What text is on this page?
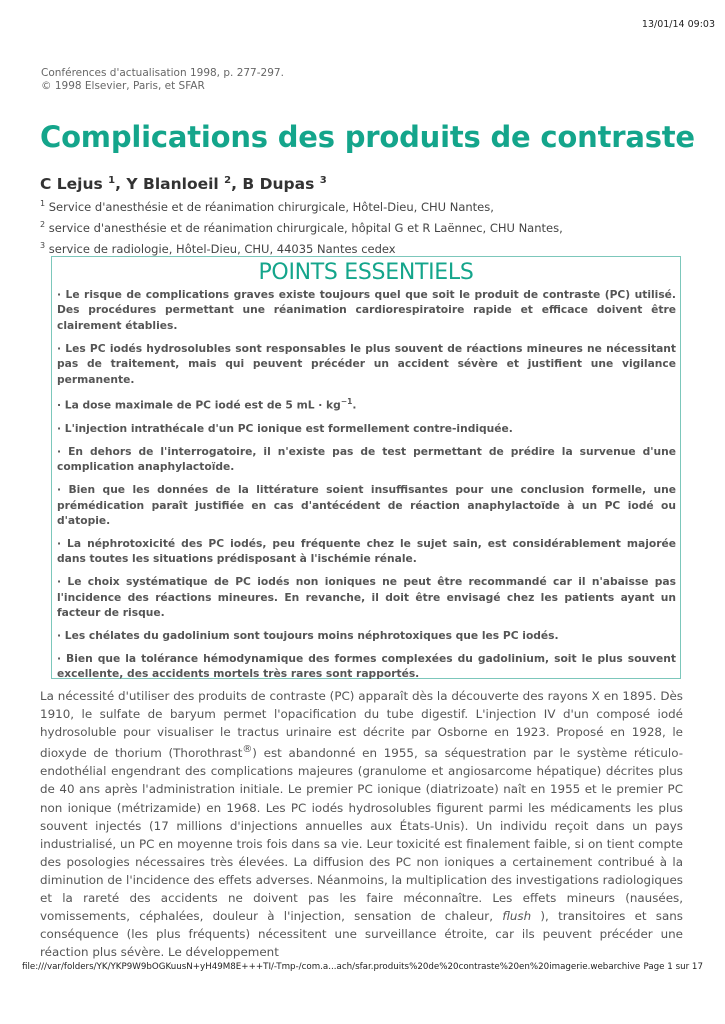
13/01/14 09:03
Conférences d'actualisation 1998, p. 277-297.
© 1998 Elsevier, Paris, et SFAR
Complications des produits de contraste
C Lejus $^1$, Y Blanloeil $^2$, B Dupas $^3$
$^1$ Service d'anesthésie et de réanimation chirurgicale, Hôtel-Dieu, CHU Nantes,
$^2$ service d'anesthésie et de réanimation chirurgicale, hôpital G et R Laënnec, CHU Nantes,
$^3$ service de radiologie, Hôtel-Dieu, CHU, 44035 Nantes cedex
POINTS ESSENTIELS
· Le risque de complications graves existe toujours quel que soit le produit de contraste (PC) utilisé. Des procédures permettant une réanimation cardiorespiratoire rapide et efficace doivent être clairement établies.
· Les PC iodés hydrosolubles sont responsables le plus souvent de réactions mineures ne nécessitant pas de traitement, mais qui peuvent précéder un accident sévère et justifient une vigilance permanente.
· La dose maximale de PC iodé est de 5 mL · $kg^{-1}$.
· L'injection intrathécale d'un PC ionique est formellement contre-indiquée.
· En dehors de l'interrogatoire, il n'existe pas de test permettant de prédire la survenue d'une complication anaphylactoïde.
· Bien que les données de la littérature soient insuffisantes pour une conclusion formelle, une prémédication paraît justifiée en cas d'antécédent de réaction anaphylactoïde à un PC iodé ou d'atopie.
· La néphrotoxicité des PC iodés, peu fréquente chez le sujet sain, est considérablement majorée dans toutes les situations prédisposant à l'ischémie rénale.
· Le choix systématique de PC iodés non ioniques ne peut être recommandé car il n'abaisse pas l'incidence des réactions mineures. En revanche, il doit être envisagé chez les patients ayant un facteur de risque.
· Les chélates du gadolinium sont toujours moins néphrotoxiques que les PC iodés.
· Bien que la tolérance hémodynamique des formes complexées du gadolinium, soit le plus souvent excellente, des accidents mortels très rares sont rapportés.
La nécessité d'utiliser des produits de contraste (PC) apparaît dès la découverte des rayons X en 1895. Dès 1910, le sulfate de baryum permet l'opacification du tube digestif. L'injection IV d'un composé iodé hydrosoluble pour visualiser le tractus urinaire est décrite par Osborne en 1923. Proposé en 1928, le dioxyde de thorium (Thorothrast®) est abandonné en 1955, sa séquestration par le système réticulo-endothélial engendrant des complications majeures (granulome et angiosarcome hépatique) décrites plus de 40 ans après l'administration initiale. Le premier PC ionique (diatrizoate) naît en 1955 et le premier PC non ionique (métrizamide) en 1968. Les PC iodés hydrosolubles figurent parmi les médicaments les plus souvent injectés (17 millions d'injections annuelles aux États-Unis). Un individu reçoit dans un pays industrialisé, un PC en moyenne trois fois dans sa vie. Leur toxicité est finalement faible, si on tient compte des posologies nécessaires très élevées. La diffusion des PC non ioniques a certainement contribué à la diminution de l'incidence des effets adverses. Néanmoins, la multiplication des investigations radiologiques et la rareté des accidents ne doivent pas les faire méconnaître. Les effets mineurs (nausées, vomissements, céphalées, douleur à l'injection, sensation de chaleur, flush ), transitoires et sans conséquence (les plus fréquents) nécessitent une surveillance étroite, car ils peuvent précéder une réaction plus sévère. Le développement
file:///var/folders/YK/YKP9W9bOGKuusN+yH49M8E+++TI/-Tmp-/com.a...ach/sfar.produits%20de%20contraste%20en%20imagerie.webarchive Page 1 sur 17
